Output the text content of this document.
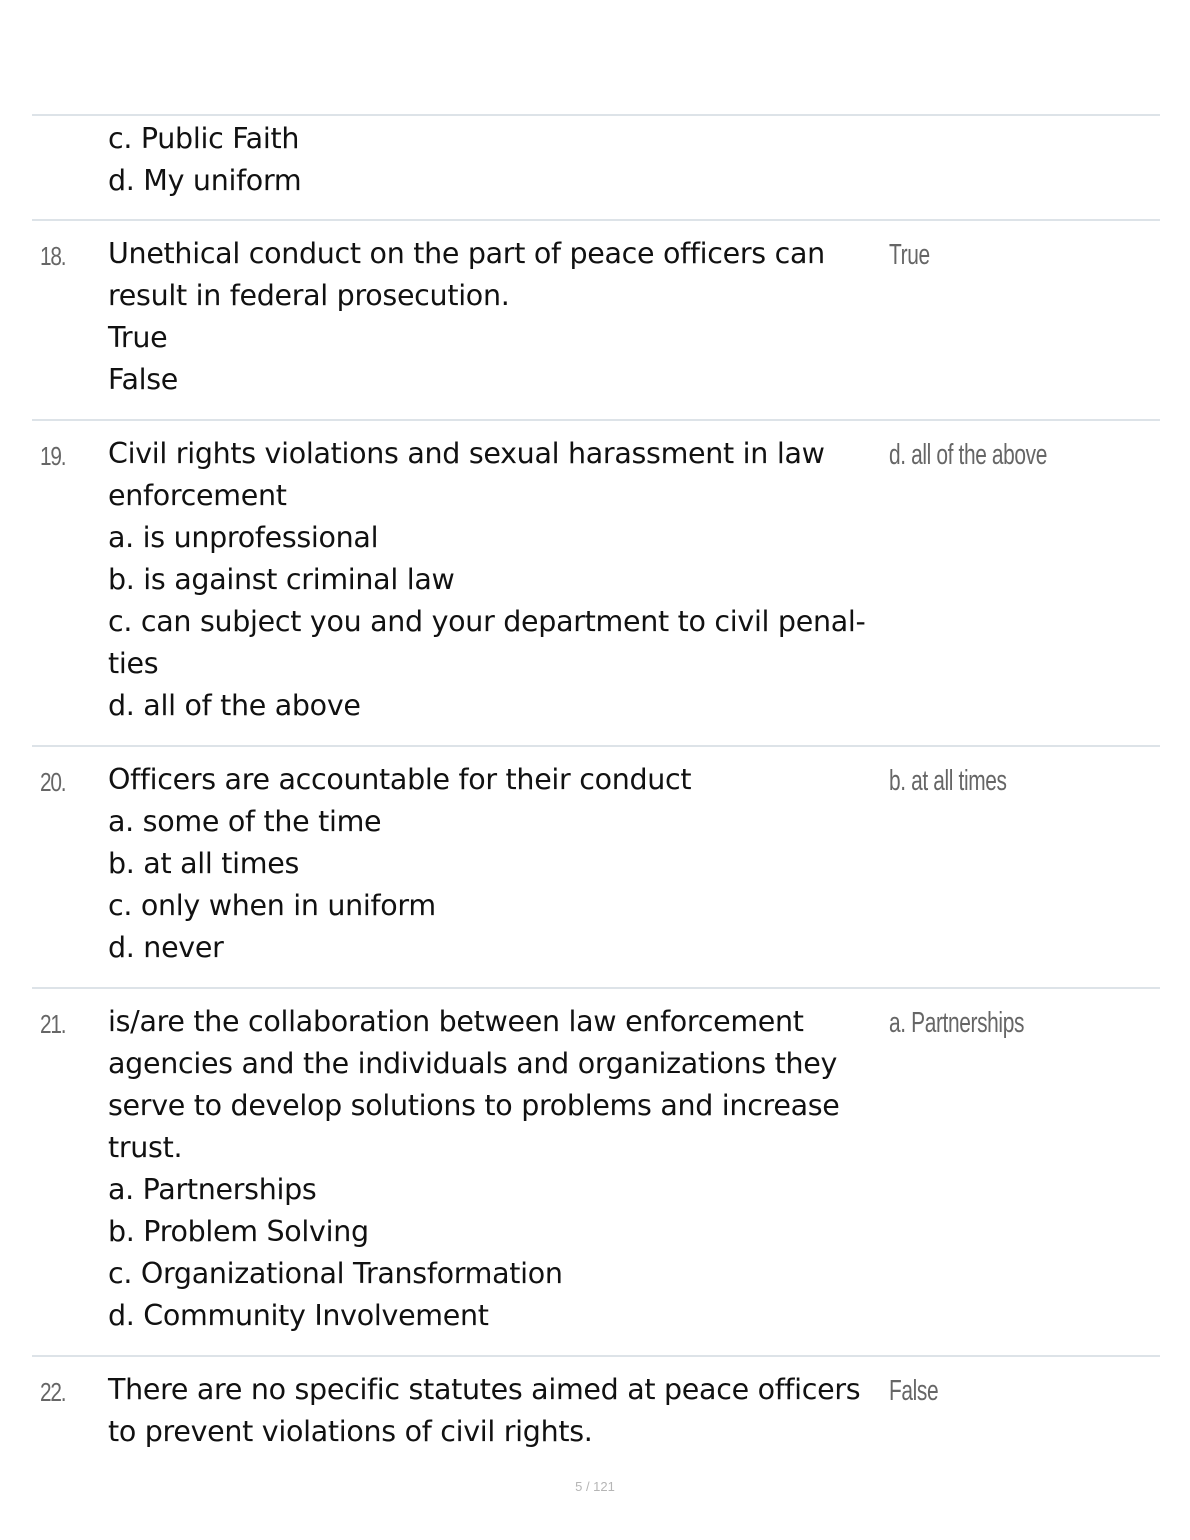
c. Public Faith
d. My uniform
18. Unethical conduct on the part of peace officers can
result in federal prosecution.
True
False
True
19. Civil rights violations and sexual harassment in law
enforcement
a. is unprofessional
b. is against criminal law
c. can subject you and your department to civil penal-
ties
d. all of the above
d. all of the above
20. Officers are accountable for their conduct
a. some of the time
b. at all times
c. only when in uniform
d. never
b. at all times
21. is/are the collaboration between law enforcement
agencies and the individuals and organizations they
serve to develop solutions to problems and increase
trust.
a. Partnerships
b. Problem Solving
c. Organizational Transformation
d. Community Involvement
a. Partnerships
22. There are no specific statutes aimed at peace officers
to prevent violations of civil rights.
False
5 / 121
